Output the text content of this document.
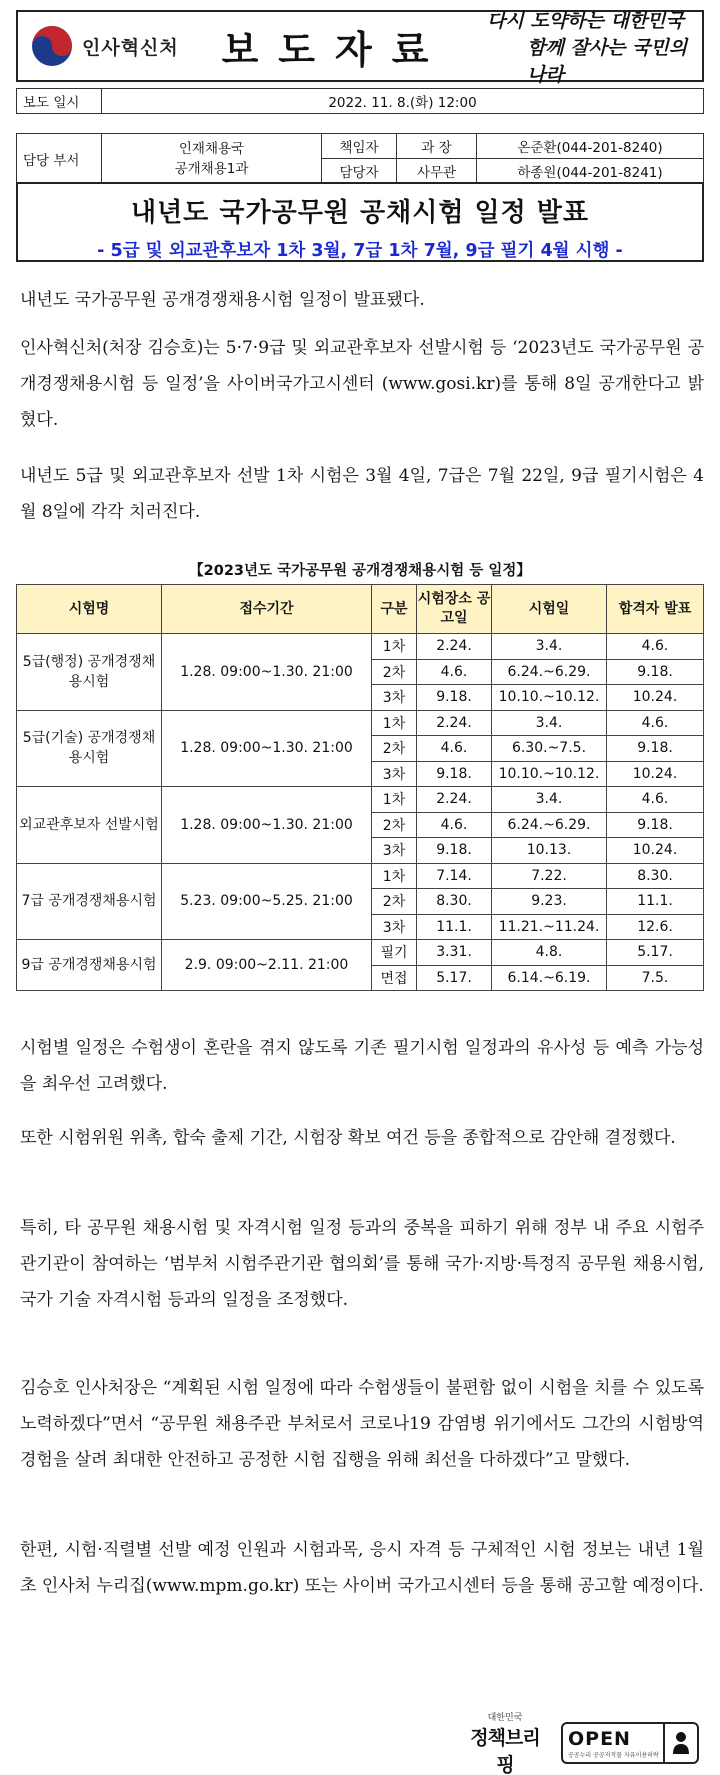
인사혁신처	보도자료
다시 도약하는 대한민국
함께 잘사는 국민의 나라
보도 일시	2022. 11. 8.(화) 12:00			

담당 부서	인재채용국
공개채용1과	책임자	과 장	온준환(044-201-8240)
		담당자	사무관	하종원(044-201-8241)
내년도 국가공무원 공채시험 일정 발표
- 5급 및 외교관후보자 1차 3월, 7급 1차 7월, 9급 필기 4월 시행 -

내년도 국가공무원 공개경쟁채용시험 일정이 발표됐다.

인사혁신처(처장 김승호)는 5·7·9급 및 외교관후보자 선발시험 등 ‘2023년도 국가공무원 공개경쟁채용시험 등 일정’을 사이버국가고시센터 (www.gosi.kr)를 통해 8일 공개한다고 밝혔다.

내년도 5급 및 외교관후보자 선발 1차 시험은 3월 4일, 7급은 7월 22일, 9급 필기시험은 4월 8일에 각각 치러진다.

【2023년도 국가공무원 공개경쟁채용시험 등 일정】
시험명	접수기간	구분	시험장소 공고일	시험일	합격자 발표
5급(행정) 공개경쟁채용시험	1.28. 09:00~1.30. 21:00	1차	2.24.	3.4.	4.6.
		2차	4.6.	6.24.~6.29.	9.18.
		3차	9.18.	10.10.~10.12.	10.24.
5급(기술) 공개경쟁채용시험	1.28. 09:00~1.30. 21:00	1차	2.24.	3.4.	4.6.
		2차	4.6.	6.30.~7.5.	9.18.
		3차	9.18.	10.10.~10.12.	10.24.
외교관후보자 선발시험	1.28. 09:00~1.30. 21:00	1차	2.24.	3.4.	4.6.
		2차	4.6.	6.24.~6.29.	9.18.
		3차	9.18.	10.13.	10.24.
7급 공개경쟁채용시험	5.23. 09:00~5.25. 21:00	1차	7.14.	7.22.	8.30.
		2차	8.30.	9.23.	11.1.
		3차	11.1.	11.21.~11.24.	12.6.
9급 공개경쟁채용시험	2.9. 09:00~2.11. 21:00	필기	3.31.	4.8.	5.17.
		면접	5.17.	6.14.~6.19.	7.5.

시험별 일정은 수험생이 혼란을 겪지 않도록 기존 필기시험 일정과의 유사성 등 예측 가능성을 최우선 고려했다.

또한 시험위원 위촉, 합숙 출제 기간, 시험장 확보 여건 등을 종합적으로 감안해 결정했다.

특히, 타 공무원 채용시험 및 자격시험 일정 등과의 중복을 피하기 위해 정부 내 주요 시험주관기관이 참여하는 ‘범부처 시험주관기관 협의회’를 통해 국가·지방·특정직 공무원 채용시험, 국가 기술 자격시험 등과의 일정을 조정했다.

김승호 인사처장은 “계획된 시험 일정에 따라 수험생들이 불편함 없이 시험을 치를 수 있도록 노력하겠다”면서 “공무원 채용주관 부처로서 코로나19 감염병 위기에서도 그간의 시험방역 경험을 살려 최대한 안전하고 공정한 시험 집행을 위해 최선을 다하겠다”고 말했다.

한편, 시험·직렬별 선발 예정 인원과 시험과목, 응시 자격 등 구체적인 시험 정보는 내년 1월 초 인사처 누리집(www.mpm.go.kr) 또는 사이버 국가고시센터 등을 통해 공고할 예정이다.

대한민국
정책브리핑
OPEN
공공누리 공공저작물 자유이용허락
